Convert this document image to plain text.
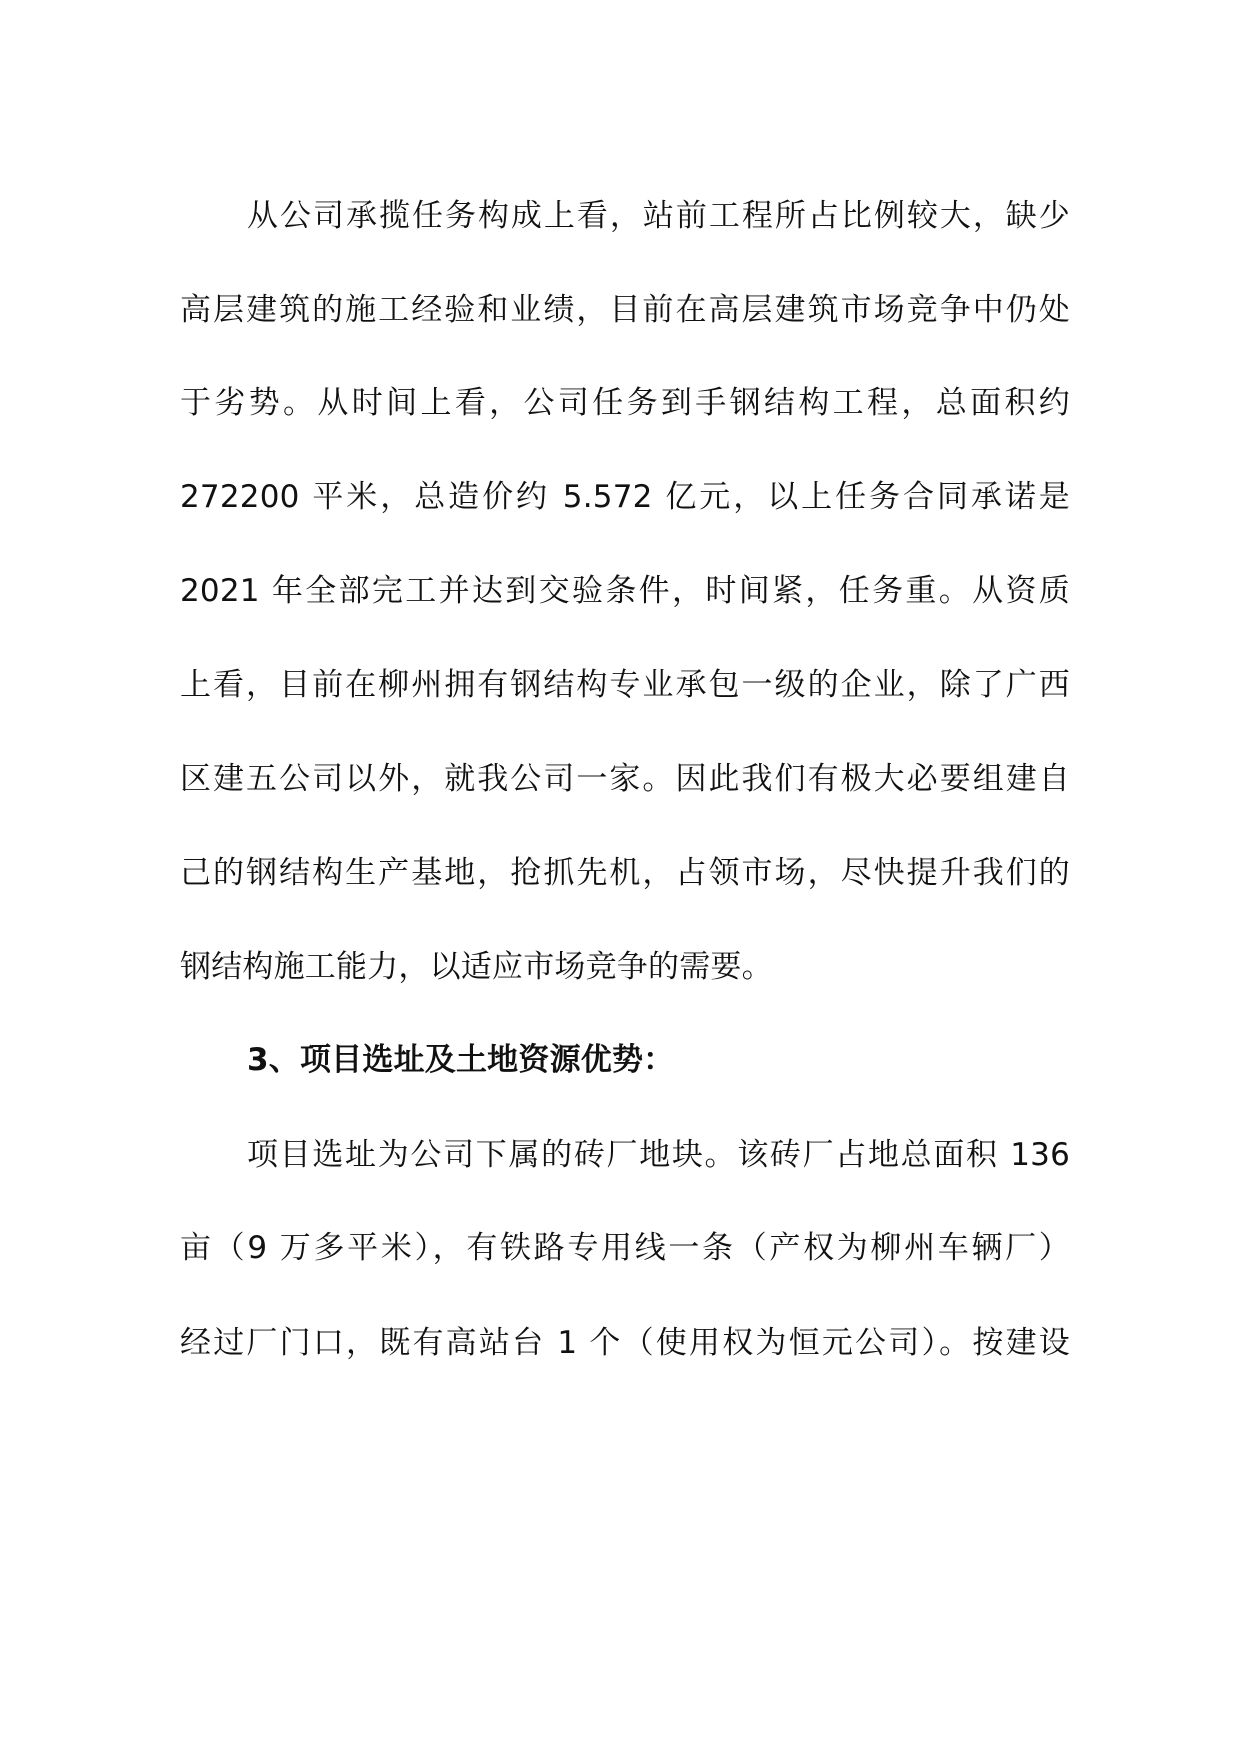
从公司承揽任务构成上看，站前工程所占比例较大，缺少
高层建筑的施工经验和业绩，目前在高层建筑市场竞争中仍处
于劣势。从时间上看，公司任务到手钢结构工程，总面积约
272200 平米，总造价约 5.572 亿元，以上任务合同承诺是
2021 年全部完工并达到交验条件，时间紧，任务重。从资质
上看，目前在柳州拥有钢结构专业承包一级的企业，除了广西
区建五公司以外，就我公司一家。因此我们有极大必要组建自
己的钢结构生产基地，抢抓先机，占领市场，尽快提升我们的
钢结构施工能力，以适应市场竞争的需要。
3、项目选址及土地资源优势：
项目选址为公司下属的砖厂地块。该砖厂占地总面积 136
亩（9 万多平米），有铁路专用线一条（产权为柳州车辆厂）
经过厂门口，既有高站台 1 个（使用权为恒元公司）。按建设
